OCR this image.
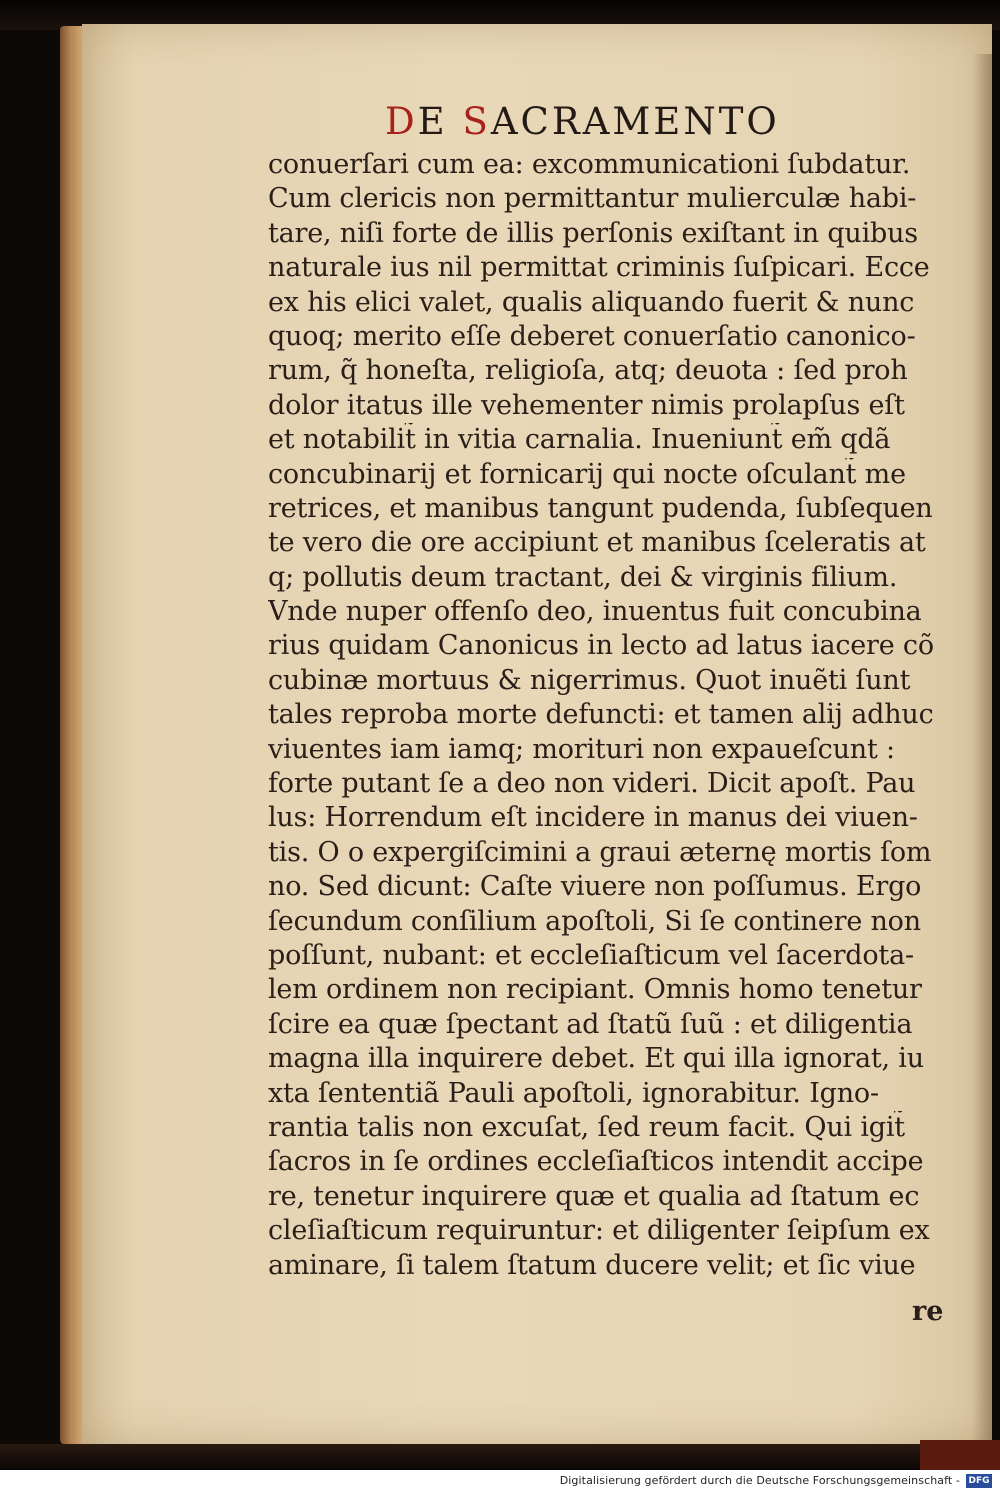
DE SACRAMENTO
conuerſari cum ea: excommunicationi ſubdatur.
Cum clericis non permittantur mulierculæ habi-
tare, niſi forte de illis perſonis exiſtant in quibus
naturale ius nil permittat criminis ſuſpicari. Ecce
ex his elici valet, qualis aliquando fuerit & nunc
quoq; merito eſſe deberet conuerſatio canonico-
rum, q̃ honeſta, religioſa, atq; deuota : ſed proh
dolor itatus ille vehementer nimis prolapſus eſt
et notabilit̃ in vitia carnalia. Inueniunt̃ em̃ qdã
concubinarij et fornicarij qui nocte oſculant̃ me
retrices, et manibus tangunt pudenda, ſubſequen
te vero die ore accipiunt et manibus ſceleratis at
q; pollutis deum tractant, dei & virginis filium.
Vnde nuper offenſo deo, inuentus fuit concubina
rius quidam Canonicus in lecto ad latus iacere cõ
cubinæ mortuus & nigerrimus. Quot inuẽti ſunt
tales reproba morte defuncti: et tamen alij adhuc
viuentes iam iamq; morituri non expaueſcunt :
forte putant ſe a deo non videri. Dicit apoſt. Pau
lus: Horrendum eſt incidere in manus dei viuen-
tis. O o expergiſcimini a graui æternę mortis ſom
no. Sed dicunt: Caſte viuere non poſſumus. Ergo
ſecundum conſilium apoſtoli, Si ſe continere non
poſſunt, nubant: et eccleſiaſticum vel ſacerdota-
lem ordinem non recipiant. Omnis homo tenetur
ſcire ea quæ ſpectant ad ſtatũ ſuũ : et diligentia
magna illa inquirere debet. Et qui illa ignorat, iu
xta ſententiã Pauli apoſtoli, ignorabitur. Igno-
rantia talis non excuſat, ſed reum facit. Qui igit̃
ſacros in ſe ordines eccleſiaſticos intendit accipe
re, tenetur inquirere quæ et qualia ad ſtatum ec
cleſiaſticum requiruntur: et diligenter ſeipſum ex
aminare, ſi talem ſtatum ducere velit; et ſic viue
re
Digitalisierung gefördert durch die Deutsche Forschungsgemeinschaft - DFG
